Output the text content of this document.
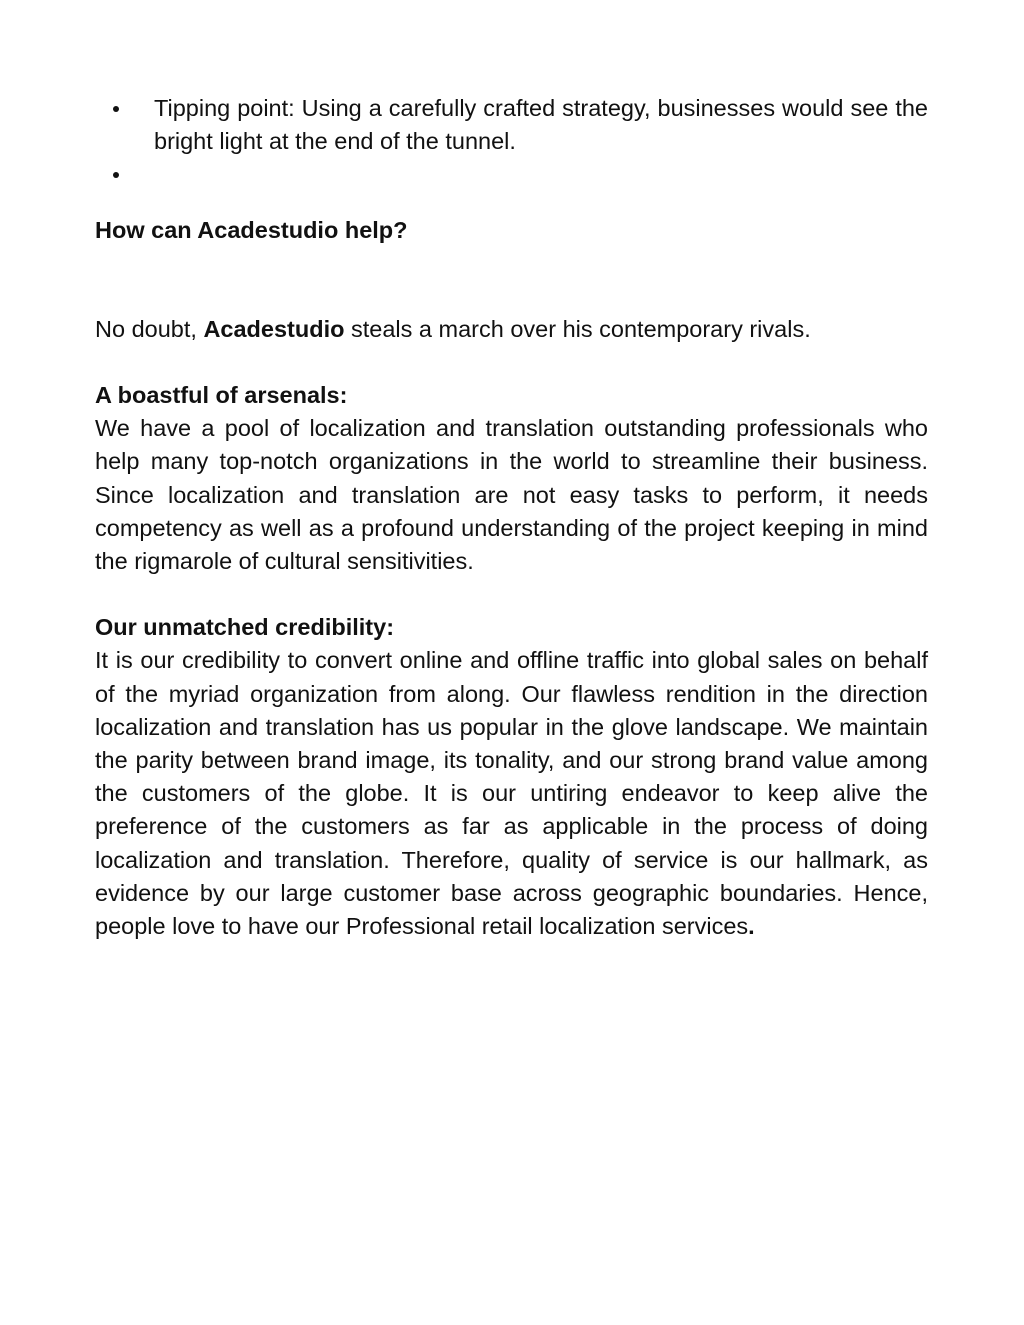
Tipping point: Using a carefully crafted strategy, businesses would see the bright light at the end of the tunnel.
How can Acadestudio help?

No doubt, Acadestudio steals a march over his contemporary rivals.

A boastful of arsenals:

We have a pool of localization and translation outstanding professionals who help many top-notch organizations in the world to streamline their business. Since localization and translation are not easy tasks to perform, it needs competency as well as a profound understanding of the project keeping in mind the rigmarole of cultural sensitivities.

Our unmatched credibility:

It is our credibility to convert online and offline traffic into global sales on behalf of the myriad organization from along. Our flawless rendition in the direction localization and translation has us popular in the glove landscape. We maintain the parity between brand image, its tonality, and our strong brand value among the customers of the globe. It is our untiring endeavor to keep alive the preference of the customers as far as applicable in the process of doing localization and translation. Therefore, quality of service is our hallmark, as evidence by our large customer base across geographic boundaries. Hence, people love to have our Professional retail localization services.
